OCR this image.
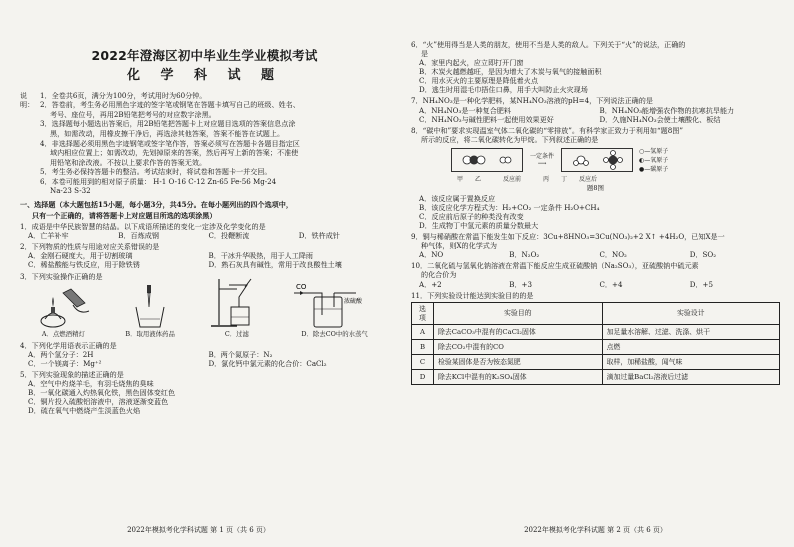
2022年澄海区初中毕业生学业模拟考试
化 学 科 试 题
说明：
1．全卷共6页，满分为100分，考试用时为60分钟。
2．答卷前，考生务必用黑色字迹的签字笔或钢笔在答题卡填写自己的班级、姓名、
考号、座位号，再用2B铅笔把考号的对应数字涂黑。
3．选择题每小题选出答案后，用2B铅笔把答题卡上对应题目选项的答案信息点涂
黑，如需改动，用橡皮擦干净后，再选涂其他答案，答案不能答在试题上。
4．非选择题必须用黑色字迹钢笔或签字笔作答，答案必须写在答题卡各题目指定区
域内相应位置上；如需改动，先划掉原来的答案，然后再写上新的答案；不准使
用铅笔和涂改液。不按以上要求作答的答案无效。
5．考生务必保持答题卡的整洁。考试结束时，将试卷和答题卡一并交回。
6．本卷可能用到的相对原子质量： H-1 O-16 C-12 Zn-65 Fe-56 Mg-24
Na-23 S-32
一、选择题（本大题包括15小题，每小题3分，共45分。在每小题列出的四个选项中，
只有一个正确的，请将答题卡上对应题目所选的选项涂黑）
1．成语是中华民族智慧的结晶。以下成语所描述的变化一定涉及化学变化的是
A．亡羊补牢	B．百炼成钢	C．投鞭断流	D．铁杵成针
2．下列物质的性质与用途对应关系错误的是
A．金刚石硬度大，用于切割玻璃	B．干冰升华吸热，用于人工降雨
C．稀盐酸能与铁反应，用于除铁锈	D．熟石灰具有碱性，常用于改良酸性土壤
3．下列实验操作正确的是
A．点燃酒精灯	B．取用液体药品	C．过滤
CO
浓硫酸
D．除去CO中的水蒸气
4．下列化学用语表示正确的是
A．两个氢分子：2H	B．两个氮原子：N₂
C．一个镁离子：Mg⁺²	D．氯化钙中氯元素的化合价：CaCl₂
5．下列实验现象的描述正确的是
A．空气中灼烧羊毛，有羽毛烧焦的臭味
B．一氧化碳通入灼热氧化铁，黑色固体变红色
C．铜片投入硫酸铝溶液中，溶液逐渐变蓝色
D．硫在氧气中燃烧产生淡蓝色火焰
2022年模拟考化学科试题 第 1 页（共 6 页）
6．“火”使用得当是人类的朋友，使用不当是人类的敌人。下列关于“火”的说法，正确的
是
A．家里内起火，应立即打开门窗
B．木炭火越燃越旺，是因为增大了木炭与氧气的接触面积
C．用水灭火的主要原理是降低着火点
D．逃生时用湿毛巾捂住口鼻，用手大叫防止火灾现场
7．NH₄NO₃是一种化学肥料，某NH₄NO₃溶液的pH=4，下列说法正确的是
A．NH₄NO₃是一种复合肥料	B．NH₄NO₃能增强农作物的抗寒抗旱能力
C．NH₄NO₃与碱性肥料一起使用效果更好	D．久施NH₄NO₃会使土壤酸化、板结
8．“碳中和”要求实现温室气体二氧化碳的“零排放”。有科学家正致力于利用如“题8图”
所示的反应，将二氧化碳转化为甲烷。下列叙述正确的是
一定条件
⟶
○—氢原子
◐—氧原子
●—碳原子
甲	乙	反应前	丙	丁	反应后
题8图
A．该反应属于置换反应
B．该反应化学方程式为：H₂+CO₂ 一定条件 H₂O+CH₄
C．反应前后原子的种类没有改变
D．生成物丁中氢元素的质量分数最大
9．铜与稀硝酸在常温下能发生如下反应：3Cu+8HNO₃=3Cu(NO₃)₂+2 X↑ +4H₂O，已知X是一
种气体，则X的化学式为
A．NO	B．N₂O₂	C．NO₂	D．SO₂
10．二氧化硫与氢氧化钠溶液在常温下能反应生成亚硫酸钠（Na₂SO₃），亚硫酸钠中硫元素
的化合价为
A．+2	B．+3	C．+4	D．+5
11．下列实验设计能达到实验目的的是
选项	实验目的	实验设计
A	除去CaCO₃中混有的CaCl₂固体	加足量水溶解、过滤、洗涤、烘干
B	除去CO₂中混有的CO	点燃
C	检验某固体是否为铵态氮肥	取样，加稀盐酸，闻气味
D	除去KCl中混有的K₂SO₄固体	滴加过量BaCl₂溶液后过滤
2022年模拟考化学科试题 第 2 页（共 6 页）
